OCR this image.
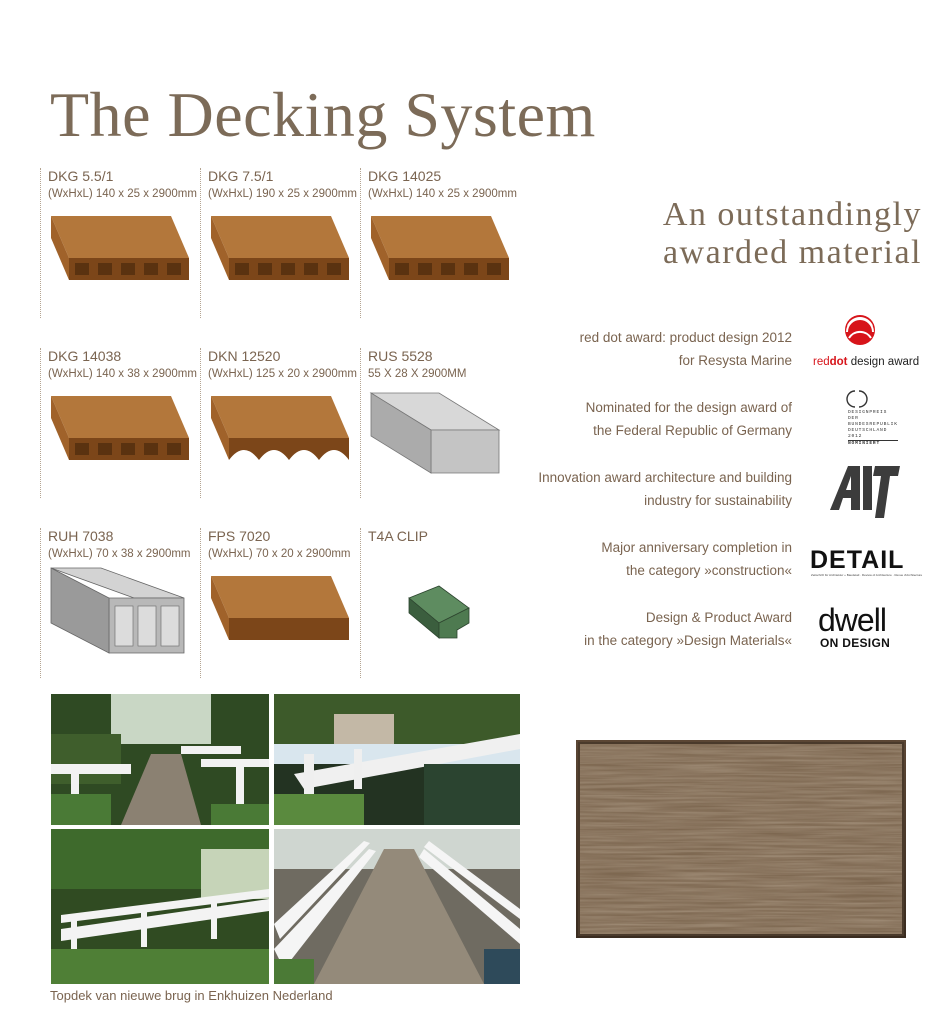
The Decking System
DKG 5.5/1
(WxHxL) 140 x 25 x 2900mm
DKG 7.5/1
(WxHxL) 190 x 25 x 2900mm
DKG 14025
(WxHxL) 140 x 25 x 2900mm
DKG 14038
(WxHxL) 140 x 38 x 2900mm
DKN 12520
(WxHxL) 125 x 20 x 2900mm
RUS 5528
55 X 28 X 2900MM
RUH 7038
(WxHxL) 70 x 38 x 2900mm
FPS 7020
(WxHxL) 70 x 20 x 2900mm
T4A CLIP
An outstandingly
awarded material
red dot award: product design 2012
for Resysta Marine
Nominated for the design award of
the Federal Republic of Germany
Innovation award architecture and building
industry for sustainability
Major anniversary completion in
the category »construction«
Design & Product Award
in the category »Design Materials«
reddot design award
DESIGNPREIS
DER
BUNDESREPUBLIK
DEUTSCHLAND
2012
NOMINIERT
DETAIL
Zeitschrift für Architektur + Baudetail · Review of Architecture · Revue d'Architecture
dwell
ON DESIGN
Topdek van nieuwe brug in Enkhuizen Nederland
